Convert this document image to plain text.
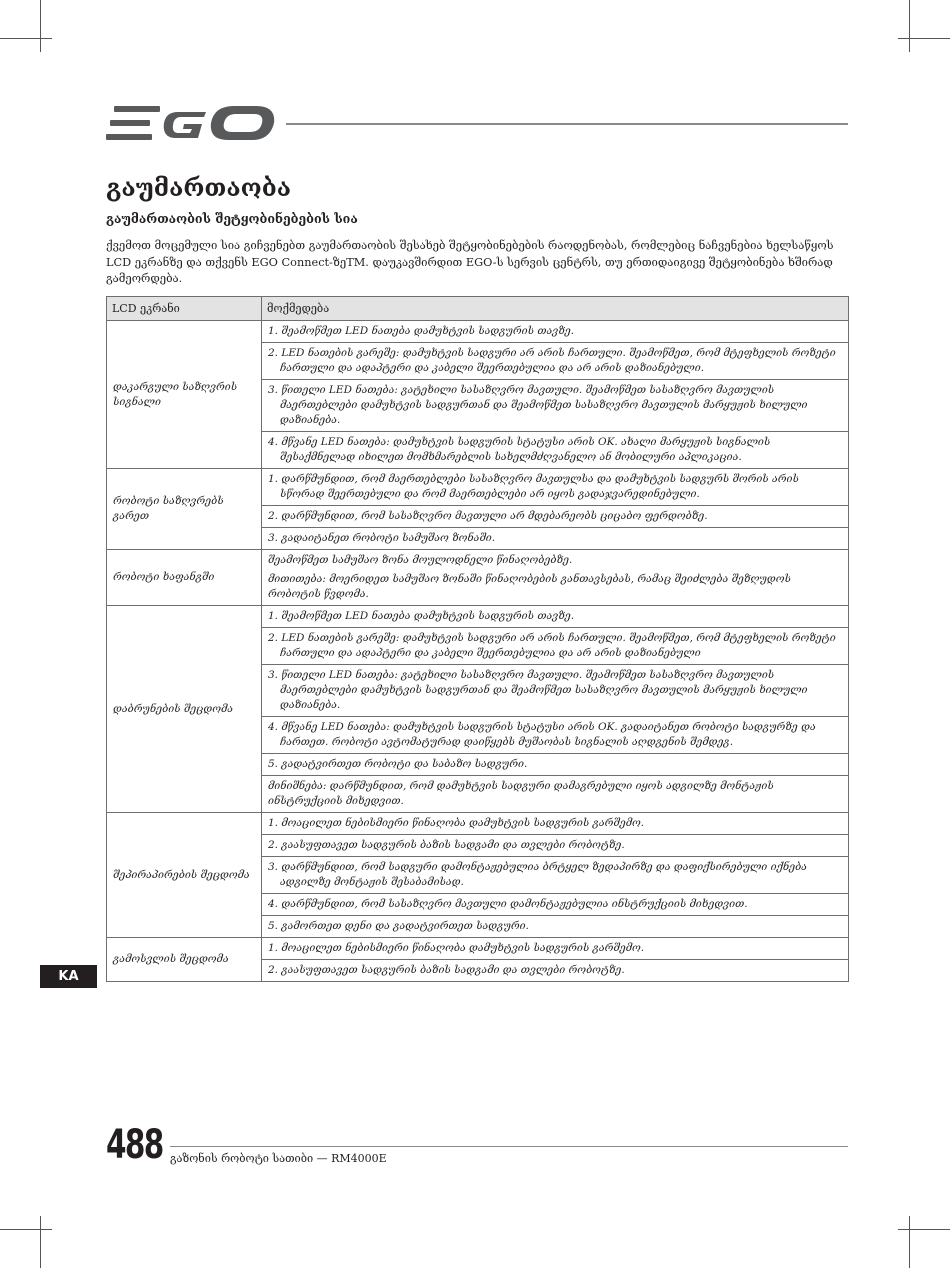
გაუმართაობა
გაუმართაობის შეტყობინებების სია
ქვემოთ მოცემული სია გიჩვენებთ გაუმართაობის შესახებ შეტყობინებების რაოდენობას, რომლებიც ნაჩვენებია ხელსაწყოს LCD ეკრანზე და თქვენს EGO Connect-ზეTM. დაუკავშირდით EGO-ს სერვის ცენტრს, თუ ერთიდაიგივე შეტყობინება ხშირად გამეორდება.
LCD ეკრანი	მოქმედება
დაკარგული საზღვრის სიგნალი	1. შეამოწმეთ LED ნათება დამუხტვის სადგურის თავზე.

	2. LED ნათების გარეშე: დამუხტვის სადგური არ არის ჩართული. შეამოწმეთ, რომ მტეფხელის როზეტი ჩართული და ადაპტერი და კაბელი შეერთებულია და არ არის დაზიანებული.

	3. წითელი LED ნათება: გატეხილი სასაზღვრო მავთული. შეამოწმეთ სასაზღვრო მავთულის მაერთებლები დამუხტვის სადგურთან და შეამოწმეთ სასაზღვრო მავთულის მარყუჟის ხილული დაზიანება.

	4. მწვანე LED ნათება: დამუხტვის სადგურის სტატუსი არის OK. ახალი მარყუჟის სიგნალის შესაქმნელად იხილეთ მომხმარებლის სახელმძღვანელო ან მობილური აპლიკაცია.

რობოტი საზღვრებს გარეთ	1. დარწმუნდით, რომ მაერთებლები სასაზღვრო მავთულსა და დამუხტვის სადგურს შორის არის სწორად შეერთებული და რომ მაერთებლები არ იყოს გადაჯვარედინებული.

	2. დარწმუნდით, რომ სასაზღვრო მავთული არ მდებარეობს ციცაბო ფერდობზე.

	3. გადაიტანეთ რობოტი სამუშაო ზონაში.

რობოტი ხაფანგში	შეამოწმეთ სამუშაო ზონა მოულოდნელი წინაღობებზე.
მითითება: მოერიდეთ სამუშაო ზონაში წინაღობების განთავსებას, რამაც შეიძლება შეზღუდოს რობოტის წვდომა.

დაბრუნების შეცდომა	1. შეამოწმეთ LED ნათება დამუხტვის სადგურის თავზე.

	2. LED ნათების გარეშე: დამუხტვის სადგური არ არის ჩართული. შეამოწმეთ, რომ მტეფხელის როზეტი ჩართული და ადაპტერი და კაბელი შეერთებულია და არ არის დაზიანებული

	3. წითელი LED ნათება: გატეხილი სასაზღვრო მავთული. შეამოწმეთ სასაზღვრო მავთულის მაერთებლები დამუხტვის სადგურთან და შეამოწმეთ სასაზღვრო მავთულის მარყუჟის ხილული დაზიანება.

	4. მწვანე LED ნათება: დამუხტვის სადგურის სტატუსი არის OK. გადაიტანეთ რობოტი სადგურზე და ჩართეთ. რობოტი ავტომატურად დაიწყებს მუშაობას სიგნალის აღდგენის შემდეგ.

	5. გადატვირთეთ რობოტი და საბაზო სადგური.

	მინიშნება: დარწმუნდით, რომ დამუხტვის სადგური დამაგრებული იყოს ადგილზე მონტაჟის ინსტრუქციის მიხედვით.

შეპირაპირების შეცდომა	1. მოაცილეთ ნებისმიერი წინაღობა დამუხტვის სადგურის გარშემო.

	2. გაასუფთავეთ სადგურის ბაზის სადგამი და თვლები რობოტზე.

	3. დარწმუნდით, რომ სადგური დამონტაჟებულია ბრტყელ ზედაპირზე და დაფიქსირებული იქნება ადგილზე მონტაჟის შესაბამისად.

	4. დარწმუნდით, რომ სასაზღვრო მავთული დამონტაჟებულია ინსტრუქციის მიხედვით.

	5. გამორთეთ დენი და გადატვირთეთ სადგური.

გამოსვლის შეცდომა	1. მოაცილეთ ნებისმიერი წინაღობა დამუხტვის სადგურის გარშემო.

	2. გაასუფთავეთ სადგურის ბაზის სადგამი და თვლები რობოტზე.
KA
488 გაზონის რობოტი სათიბი — RM4000E
